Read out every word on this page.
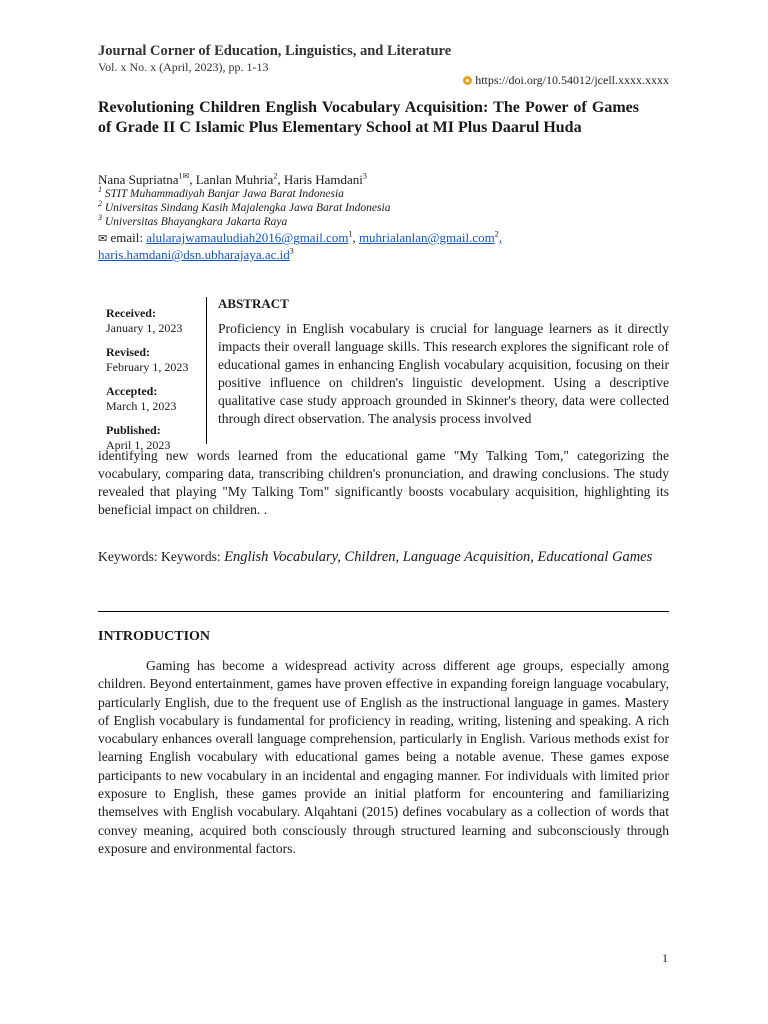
Journal Corner of Education, Linguistics, and Literature
Vol. x No. x (April, 2023), pp. 1-13
https://doi.org/10.54012/jcell.xxxx.xxxx
Revolutioning Children English Vocabulary Acquisition: The Power of Games of Grade II C Islamic Plus Elementary School at MI Plus Daarul Huda
Nana Supriatna$^{1✉}$, Lanlan Muhria$^2$, Haris Hamdani$^3$
$^1$ STIT Muhammadiyah Banjar Jawa Barat Indonesia
$^2$ Universitas Sindang Kasih Majalengka Jawa Barat Indonesia
$^3$ Universitas Bhayangkara Jakarta Raya
✉ email: alularajwamauludiah2016@gmail.com$^1$, muhrialanlan@gmail.com$^2$,
$haris.hamdani@dsn.ubharajaya.ac.id^3$
Received:
January 1, 2023
Revised:
February 1, 2023
Accepted:
March 1, 2023
Published:
April 1, 2023
ABSTRACT
Proficiency in English vocabulary is crucial for language learners as it directly impacts their overall language skills. This research explores the significant role of educational games in enhancing English vocabulary acquisition, focusing on their positive influence on children's linguistic development. Using a descriptive qualitative case study approach grounded in Skinner's theory, data were collected through direct observation. The analysis process involved
identifying new words learned from the educational game "My Talking Tom," categorizing the vocabulary, comparing data, transcribing children's pronunciation, and drawing conclusions. The study revealed that playing "My Talking Tom" significantly boosts vocabulary acquisition, highlighting its beneficial impact on children. .
Keywords: Keywords: English Vocabulary, Children, Language Acquisition, Educational Games
INTRODUCTION
Gaming has become a widespread activity across different age groups, especially among children. Beyond entertainment, games have proven effective in expanding foreign language vocabulary, particularly English, due to the frequent use of English as the instructional language in games. Mastery of English vocabulary is fundamental for proficiency in reading, writing, listening and speaking. A rich vocabulary enhances overall language comprehension, particularly in English. Various methods exist for learning English vocabulary with educational games being a notable avenue. These games expose participants to new vocabulary in an incidental and engaging manner. For individuals with limited prior exposure to English, these games provide an initial platform for encountering and familiarizing themselves with English vocabulary. Alqahtani (2015) defines vocabulary as a collection of words that convey meaning, acquired both consciously through structured learning and subconsciously through exposure and environmental factors.
1
